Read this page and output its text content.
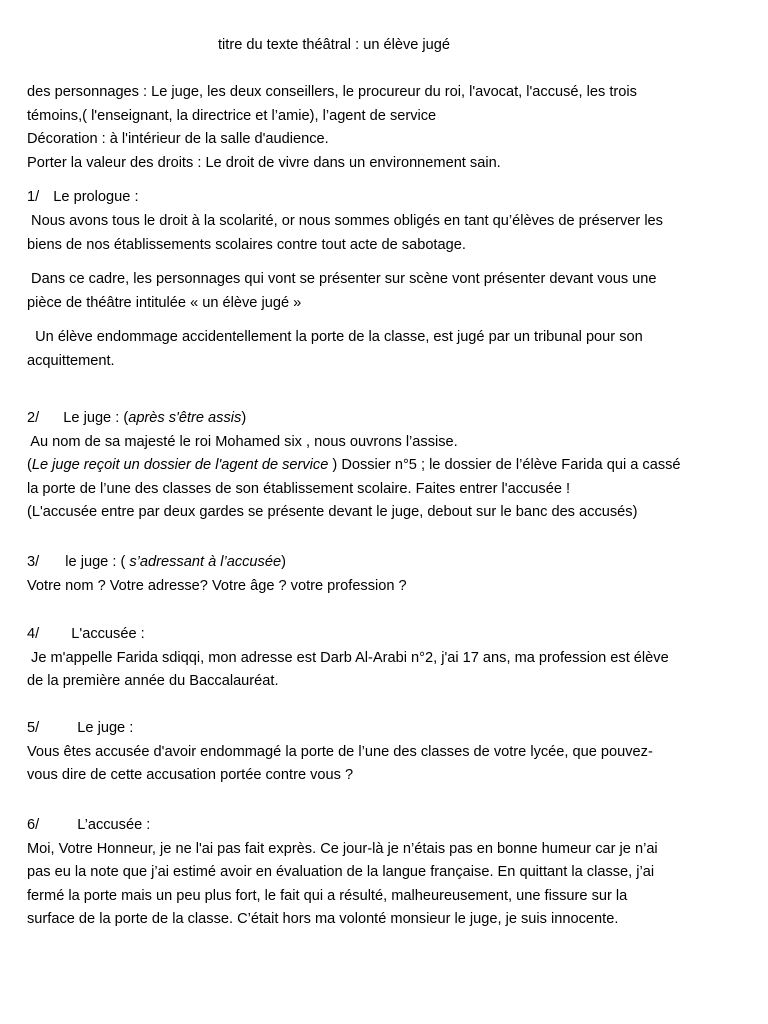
titre du texte théâtral : un élève jugé
des personnages : Le juge, les deux conseillers, le procureur du roi, l'avocat, l'accusé, les trois
témoins,( l'enseignant, la directrice et l’amie), l’agent de service
Décoration : à l'intérieur de la salle d'audience.
Porter la valeur des droits : Le droit de vivre dans un environnement sain.
1/ Le prologue :
Nous avons tous le droit à la scolarité, or nous sommes obligés en tant qu’élèves de préserver les
biens de nos établissements scolaires contre tout acte de sabotage.
Dans ce cadre, les personnages qui vont se présenter sur scène vont présenter devant vous une
pièce de théâtre intitulée « un élève jugé »
Un élève endommage accidentellement la porte de la classe, est jugé par un tribunal pour son
acquittement.
2/ Le juge : (après s'être assis)
Au nom de sa majesté le roi Mohamed six , nous ouvrons l’assise.
(Le juge reçoit un dossier de l'agent de service ) Dossier n°5 ; le dossier de l’élève Farida qui a cassé
la porte de l’une des classes de son établissement scolaire. Faites entrer l'accusée !
(L'accusée entre par deux gardes se présente devant le juge, debout sur le banc des accusés)
3/ le juge : ( s’adressant à l’accusée)
Votre nom ? Votre adresse? Votre âge ? votre profession ?
4/ L'accusée :
Je m'appelle Farida sdiqqi, mon adresse est Darb Al-Arabi n°2, j'ai 17 ans, ma profession est élève
de la première année du Baccalauréat.
5/	Le juge :
Vous êtes accusée d'avoir endommagé la porte de l’une des classes de votre lycée, que pouvez-
vous dire de cette accusation portée contre vous ?
6/	L’accusée :
Moi, Votre Honneur, je ne l'ai pas fait exprès. Ce jour-là je n’étais pas en bonne humeur car je n’ai
pas eu la note que j’ai estimé avoir en évaluation de la langue française. En quittant la classe, j’ai
fermé la porte mais un peu plus fort, le fait qui a résulté, malheureusement, une fissure sur la
surface de la porte de la classe. C’était hors ma volonté monsieur le juge, je suis innocente.
